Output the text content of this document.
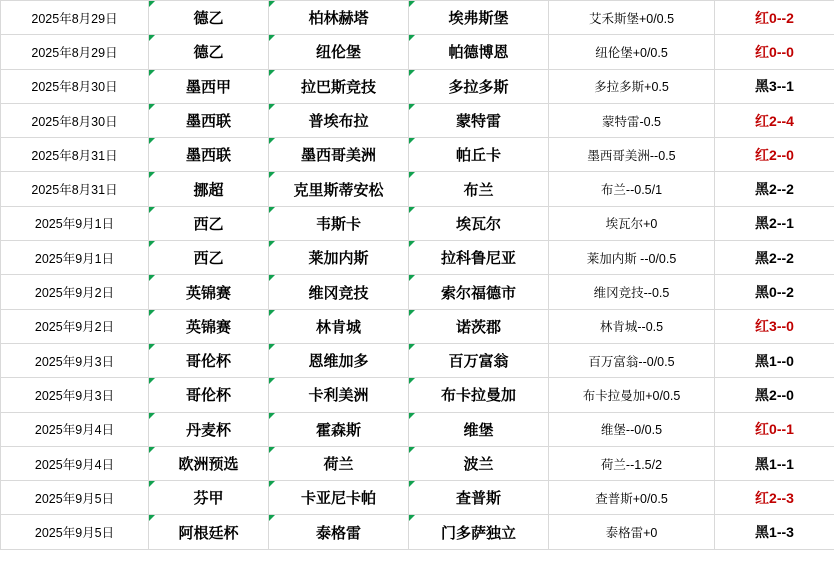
2025年8月29日	德乙	柏林赫塔	埃弗斯堡	艾禾斯堡+0/0.5	红0--2
2025年8月29日	德乙	纽伦堡	帕德博恩	纽伦堡+0/0.5	红0--0
2025年8月30日	墨西甲	拉巴斯竞技	多拉多斯	多拉多斯+0.5	黑3--1
2025年8月30日	墨西联	普埃布拉	蒙特雷	蒙特雷-0.5	红2--4
2025年8月31日	墨西联	墨西哥美洲	帕丘卡	墨西哥美洲--0.5	红2--0
2025年8月31日	挪超	克里斯蒂安松	布兰	布兰--0.5/1	黑2--2
2025年9月1日	西乙	韦斯卡	埃瓦尔	埃瓦尔+0	黑2--1
2025年9月1日	西乙	莱加内斯	拉科鲁尼亚	莱加内斯 --0/0.5	黑2--2
2025年9月2日	英锦赛	维冈竞技	索尔福德市	维冈竞技--0.5	黑0--2
2025年9月2日	英锦赛	林肯城	诺茨郡	林肯城--0.5	红3--0
2025年9月3日	哥伦杯	恩维加多	百万富翁	百万富翁--0/0.5	黑1--0
2025年9月3日	哥伦杯	卡利美洲	布卡拉曼加	布卡拉曼加+0/0.5	黑2--0
2025年9月4日	丹麦杯	霍森斯	维堡	维堡--0/0.5	红0--1
2025年9月4日	欧洲预选	荷兰	波兰	荷兰--1.5/2	黑1--1
2025年9月5日	芬甲	卡亚尼卡帕	查普斯	查普斯+0/0.5	红2--3
2025年9月5日	阿根廷杯	泰格雷	门多萨独立	泰格雷+0	黑1--3
